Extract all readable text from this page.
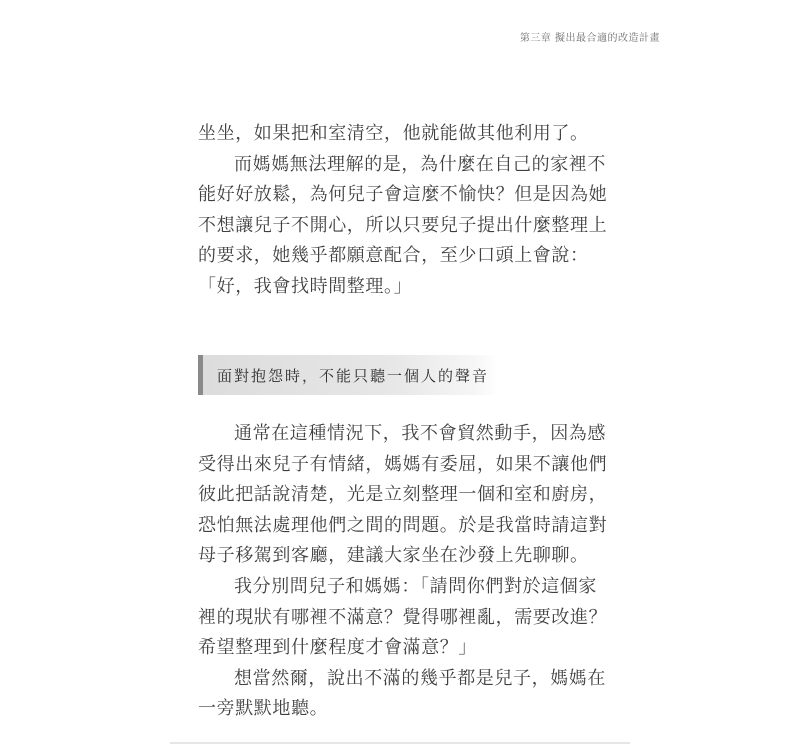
第三章 擬出最合適的改造計畫

坐坐，如果把和室清空，他就能做其他利用了。

而媽媽無法理解的是，為什麼在自己的家裡不能好好放鬆，為何兒子會這麼不愉快？但是因為她不想讓兒子不開心，所以只要兒子提出什麼整理上的要求，她幾乎都願意配合，至少口頭上會說：「好，我會找時間整理。」

面對抱怨時，不能只聽一個人的聲音

通常在這種情況下，我不會貿然動手，因為感受得出來兒子有情緒，媽媽有委屈，如果不讓他們彼此把話說清楚，光是立刻整理一個和室和廚房，恐怕無法處理他們之間的問題。於是我當時請這對母子移駕到客廳，建議大家坐在沙發上先聊聊。

我分別問兒子和媽媽：「請問你們對於這個家裡的現狀有哪裡不滿意？覺得哪裡亂，需要改進？希望整理到什麼程度才會滿意？」

想當然爾，說出不滿的幾乎都是兒子，媽媽在一旁默默地聽。
